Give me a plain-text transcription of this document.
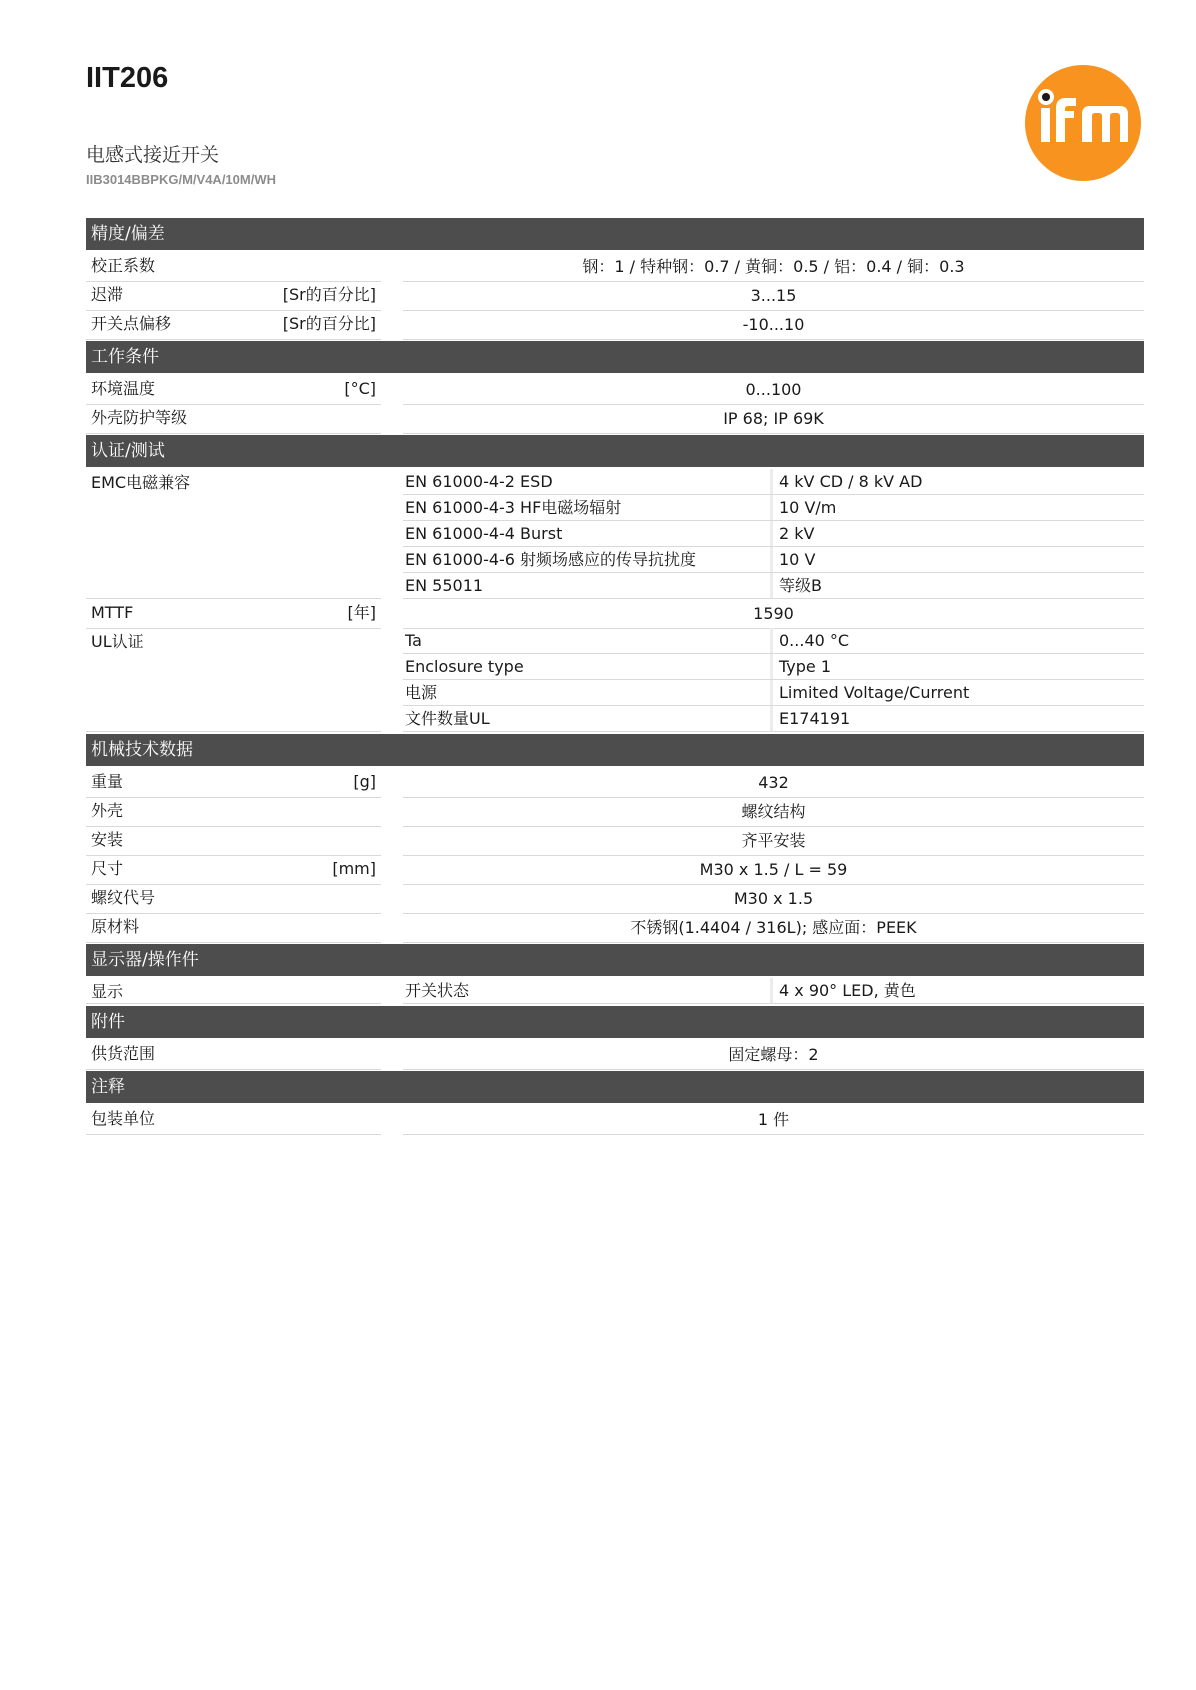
IIT206
电感式接近开关
IIB3014BBPKG/M/V4A/10M/WH
精度/偏差
校正系数	钢：1 / 特种钢：0.7 / 黄铜：0.5 / 铝：0.4 / 铜：0.3
迟滞	[Sr的百分比]	3...15
开关点偏移	[Sr的百分比]	-10...10
工作条件
环境温度	[°C]	0...100
外壳防护等级	IP 68; IP 69K
认证/测试
EMC电磁兼容	EN 61000-4-2 ESD	4 kV CD / 8 kV AD
EN 61000-4-3 HF电磁场辐射	10 V/m
EN 61000-4-4 Burst	2 kV
EN 61000-4-6 射频场感应的传导抗扰度	10 V
EN 55011	等级B
MTTF	[年]	1590
UL认证	Ta	0...40 °C
Enclosure type	Type 1
电源	Limited Voltage/Current
文件数量UL	E174191
机械技术数据
重量	[g]	432
外壳	螺纹结构
安装	齐平安装
尺寸	[mm]	M30 x 1.5 / L = 59
螺纹代号	M30 x 1.5
原材料	不锈钢(1.4404 / 316L); 感应面：PEEK
显示器/操作件
显示	开关状态	4 x 90° LED, 黄色
附件
供货范围	固定螺母：2
注释
包装单位	1 件
